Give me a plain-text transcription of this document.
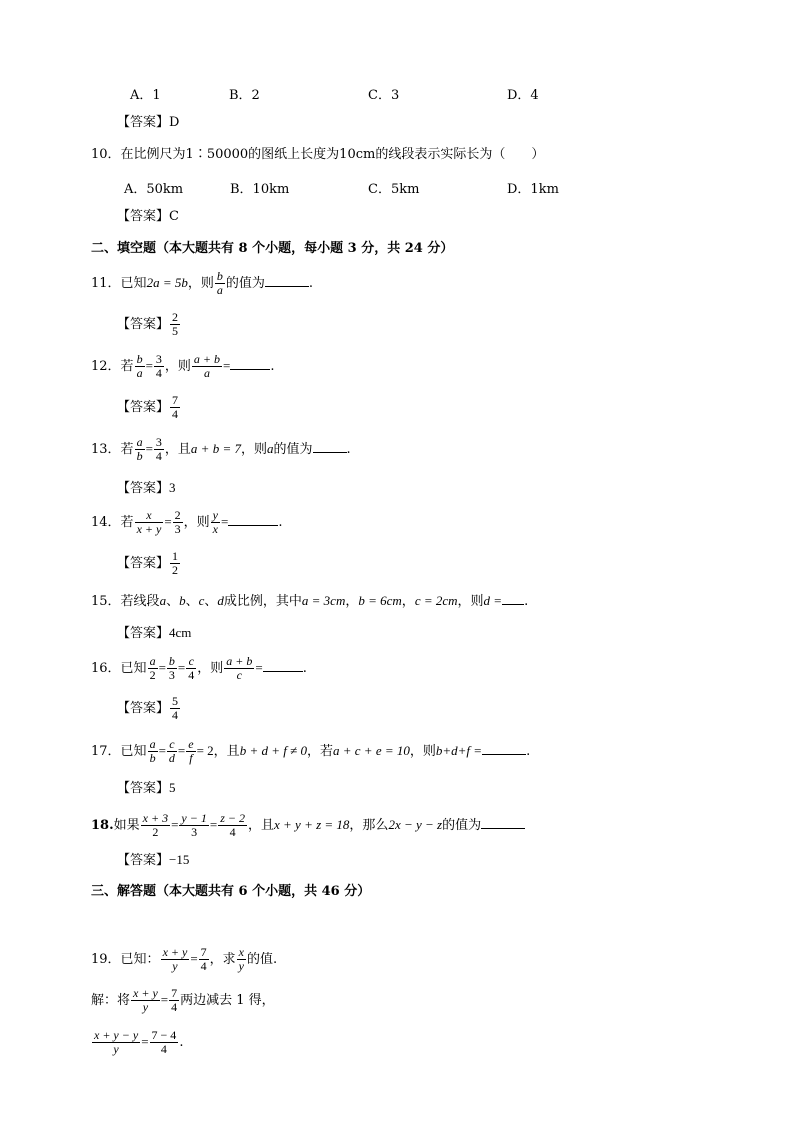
A．1	B．2	C．3	D．4
【答案】D
10．在比例尺为1∶50000的图纸上长度为10cm的线段表示实际长为（　　）
A．50km	B．10km	C．5km	D．1km
【答案】C
二、填空题（本大题共有 8 个小题，每小题 3 分，共 24 分）
11．已知2a = 5b，则 $\frac{b}{a}$ 的值为	.
【答案】 $\frac{2}{5}$
12．若 $\frac{b}{a} = \frac{3}{4}$ ，则 $\frac{a + b}{a}$ =	.
【答案】 $\frac{7}{4}$
13．若 $\frac{a}{b} = \frac{3}{4}$ ，且a + b = 7，则a的值为	.
【答案】3
14．若 $\frac{x}{x + y} = \frac{2}{3}$ ，则 $\frac{y}{x}$ =	.
【答案】 $\frac{1}{2}$
15．若线段a、b、c、d成比例，其中a = 3cm，b = 6cm，c = 2cm，则d = .
【答案】4cm
16．已知 $\frac{a}{2} = \frac{b}{3} = \frac{c}{4}$ ，则 $\frac{a + b}{c}$ =	.
【答案】 $\frac{5}{4}$
17．已知 $\frac{a}{b} = \frac{c}{d} = \frac{e}{f} = 2$，且b + d + f ≠ 0，若a + c + e = 10，则b+d+f =	.
【答案】5
18.如果 $\frac{x + 3}{2} = \frac{y - 1}{3} = \frac{z - 2}{4}$ ，且x + y + z = 18，那么2x − y − z的值为
【答案】−15
三、解答题（本大题共有 6 个小题，共 46 分）
19．已知： $\frac{x + y}{y} = \frac{7}{4}$ ，求 $\frac{x}{y}$ 的值.
解：将 $\frac{x + y}{y} = \frac{7}{4}$ 两边减去 1 得，
$\frac{x + y - y}{y} = \frac{7 - 4}{4}$ .
